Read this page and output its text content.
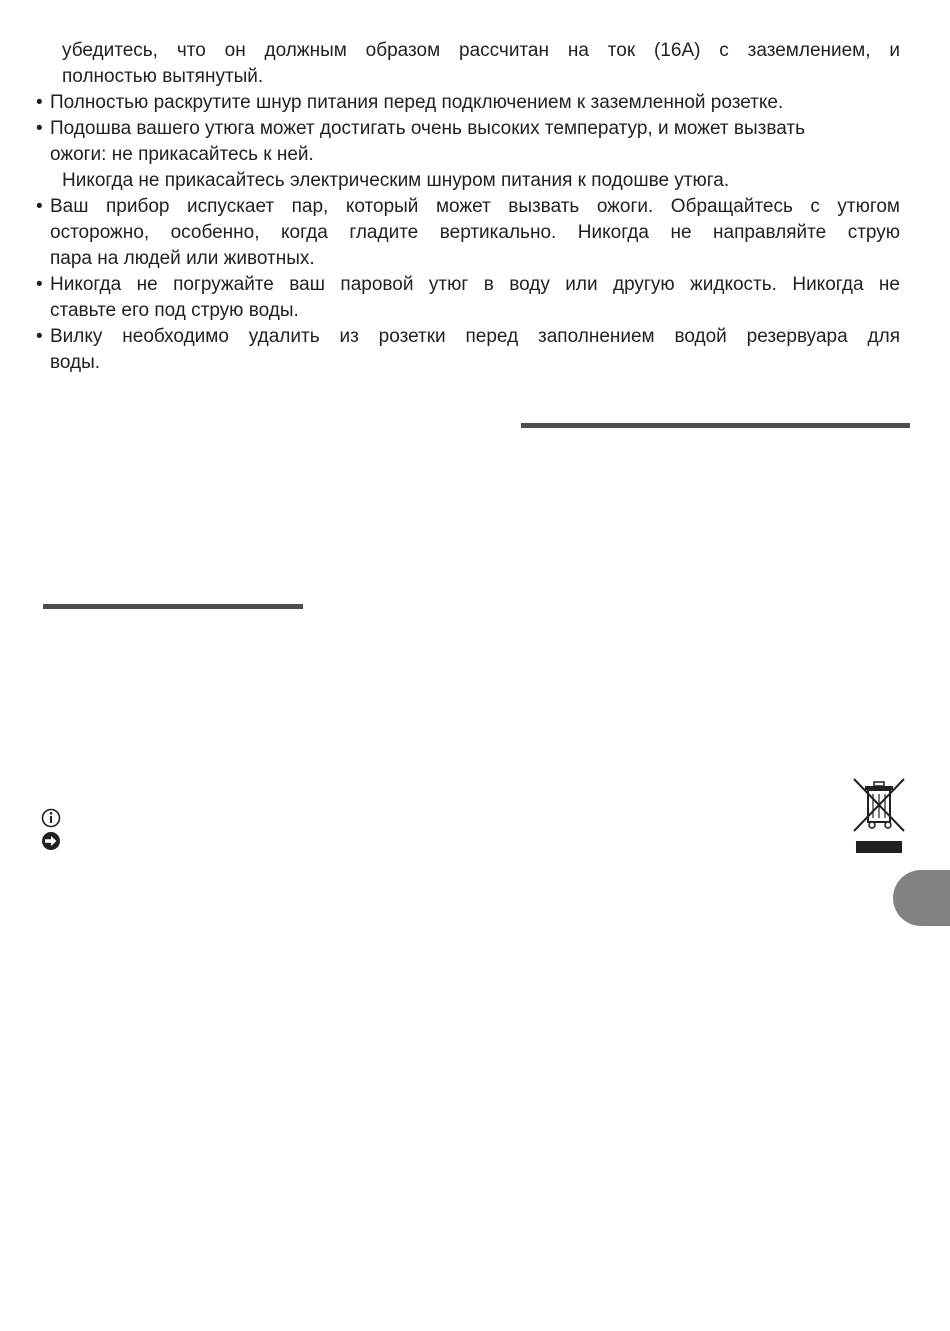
убедитесь, что он должным образом рассчитан на ток (16А) с заземлением, и
полностью вытянутый.
• Полностью раскрутите шнур питания перед подключением к заземленной розетке.
• Подошва вашего утюга может достигать очень высоких температур, и может вызвать
ожоги: не прикасайтесь к ней.
Никогда не прикасайтесь электрическим шнуром питания к подошве утюга.
• Ваш прибор испускает пар, который может вызвать ожоги. Обращайтесь с утюгом
осторожно, особенно, когда гладите вертикально. Никогда не направляйте струю
пара на людей или животных.
• Никогда не погружайте ваш паровой утюг в воду или другую жидкость. Никогда не
ставьте его под струю воды.
• Вилку необходимо удалить из розетки перед заполнением водой резервуара для
воды.
